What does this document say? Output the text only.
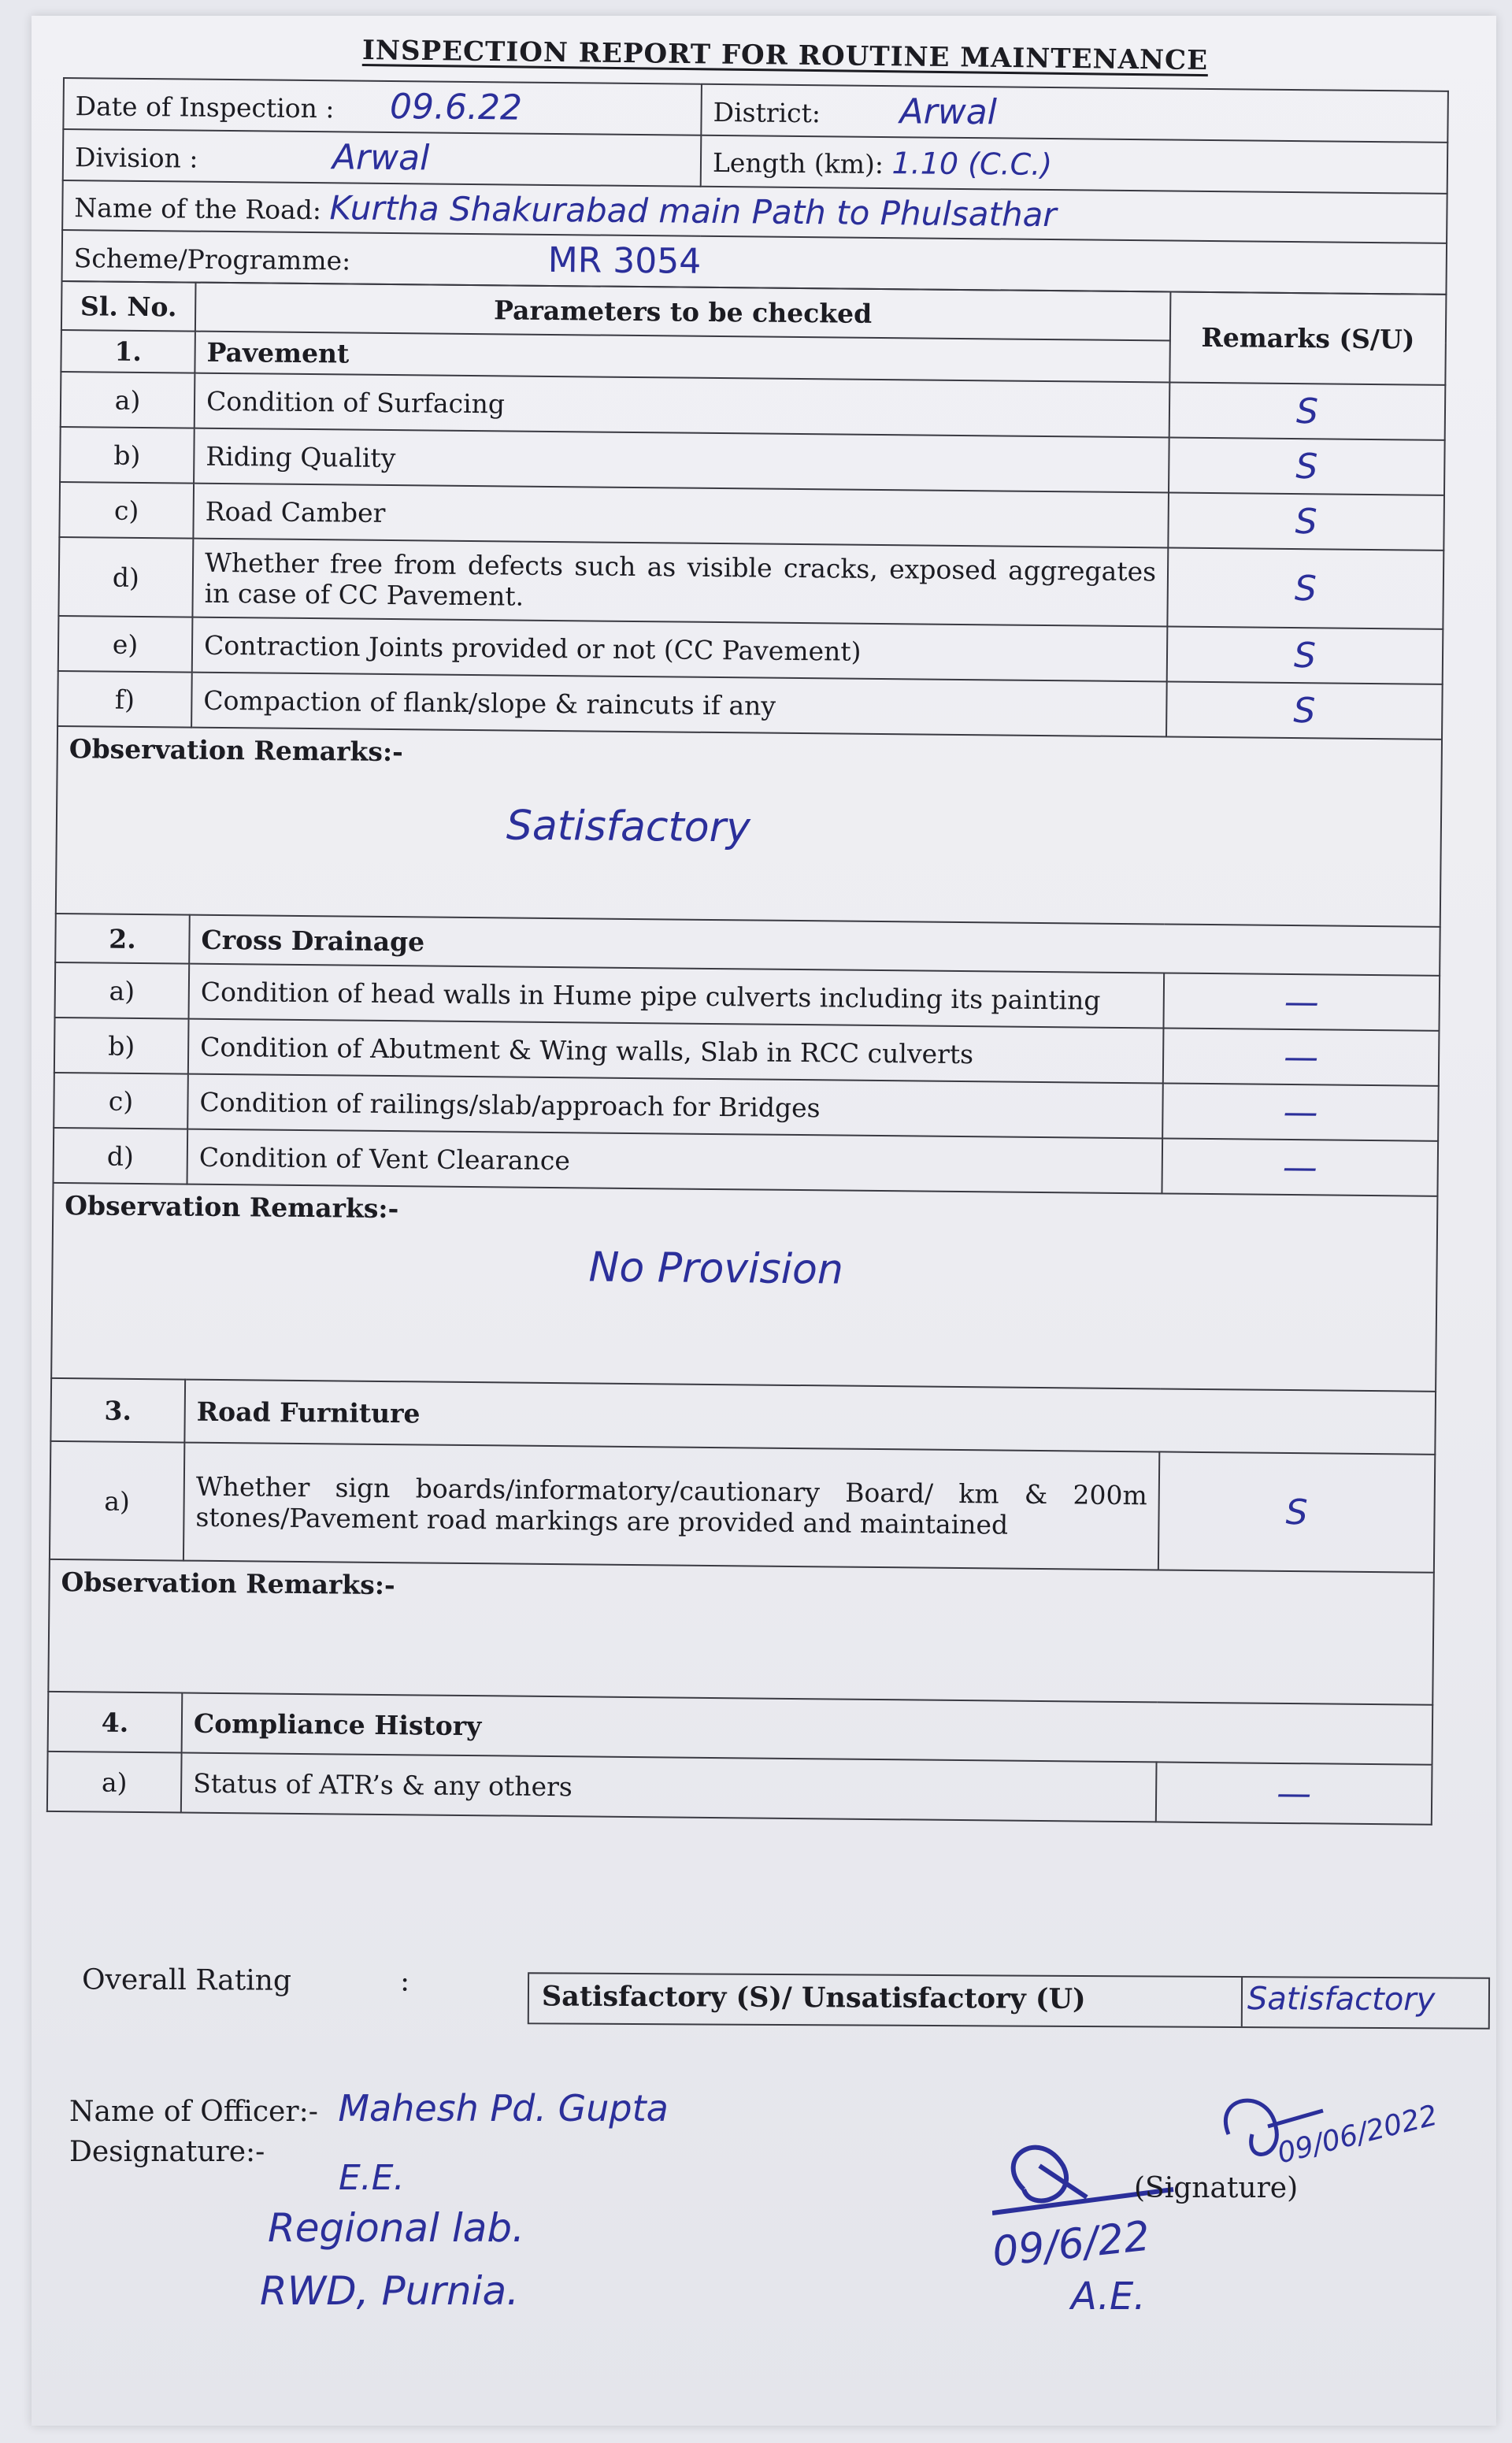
INSPECTION REPORT FOR ROUTINE MAINTENANCE
Date of Inspection : 09.6.22	District: Arwal
Division : Arwal	Length (km): 1.10 (C.C.)
Name of the Road: Kurtha Shakurabad main Path to Phulsathar	
Scheme/Programme: MR 3054	
Sl. No.	Parameters to be checked	Remarks (S/U)
1.	Pavement	
a)	Condition of Surfacing	S
b)	Riding Quality	S
c)	Road Camber	S
d)	Whether free from defects such as visible cracks, exposed aggregates in case of CC Pavement.	S
e)	Contraction Joints provided or not (CC Pavement)	S
f)	Compaction of flank/slope & raincuts if any	S
Observation Remarks:-
Satisfactory
2.	Cross Drainage	
a)	Condition of head walls in Hume pipe culverts including its painting	—
b)	Condition of Abutment & Wing walls, Slab in RCC culverts	—
c)	Condition of railings/slab/approach for Bridges	—
d)	Condition of Vent Clearance	—
Observation Remarks:-
No Provision
3.	Road Furniture	
a)	Whether sign boards/informatory/cautionary Board/ km & 200m stones/Pavement road markings are provided and maintained	S
Observation Remarks:-
4.	Compliance History	
a)	Status of ATR’s & any others	—
Overall Rating	:	Satisfactory (S)/ Unsatisfactory (U)	Satisfactory
Name of Officer:- Mahesh Pd. Gupta
Designature:-
E.E.
Regional lab.
RWD, Purnia.
09/06/2022
(Signature)
09/6/22
A.E.
